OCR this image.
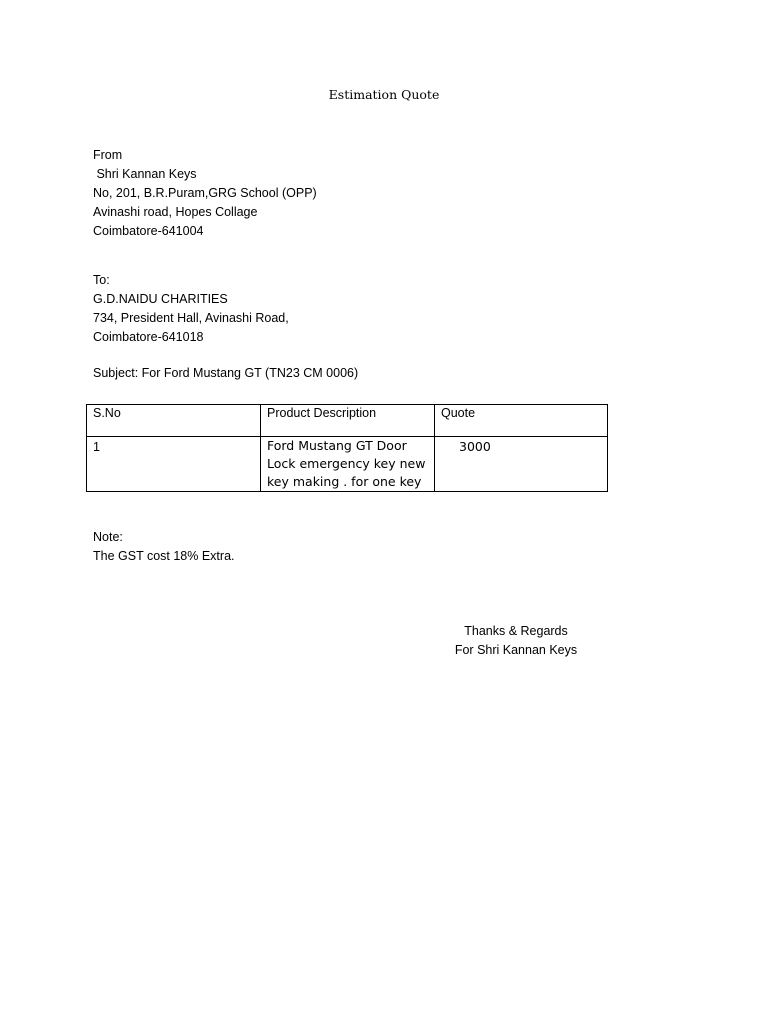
Estimation Quote
From
Shri Kannan Keys
No, 201, B.R.Puram,GRG School (OPP)
Avinashi road, Hopes Collage
Coimbatore-641004
To:
G.D.NAIDU CHARITIES
734, President Hall, Avinashi Road,
Coimbatore-641018
Subject: For Ford Mustang GT (TN23 CM 0006)
S.No	Product Description	Quote

1	Ford Mustang GT Door
Lock emergency key new
key making . for one key	3000
Note:
The GST cost 18% Extra.
Thanks & Regards
For Shri Kannan Keys
